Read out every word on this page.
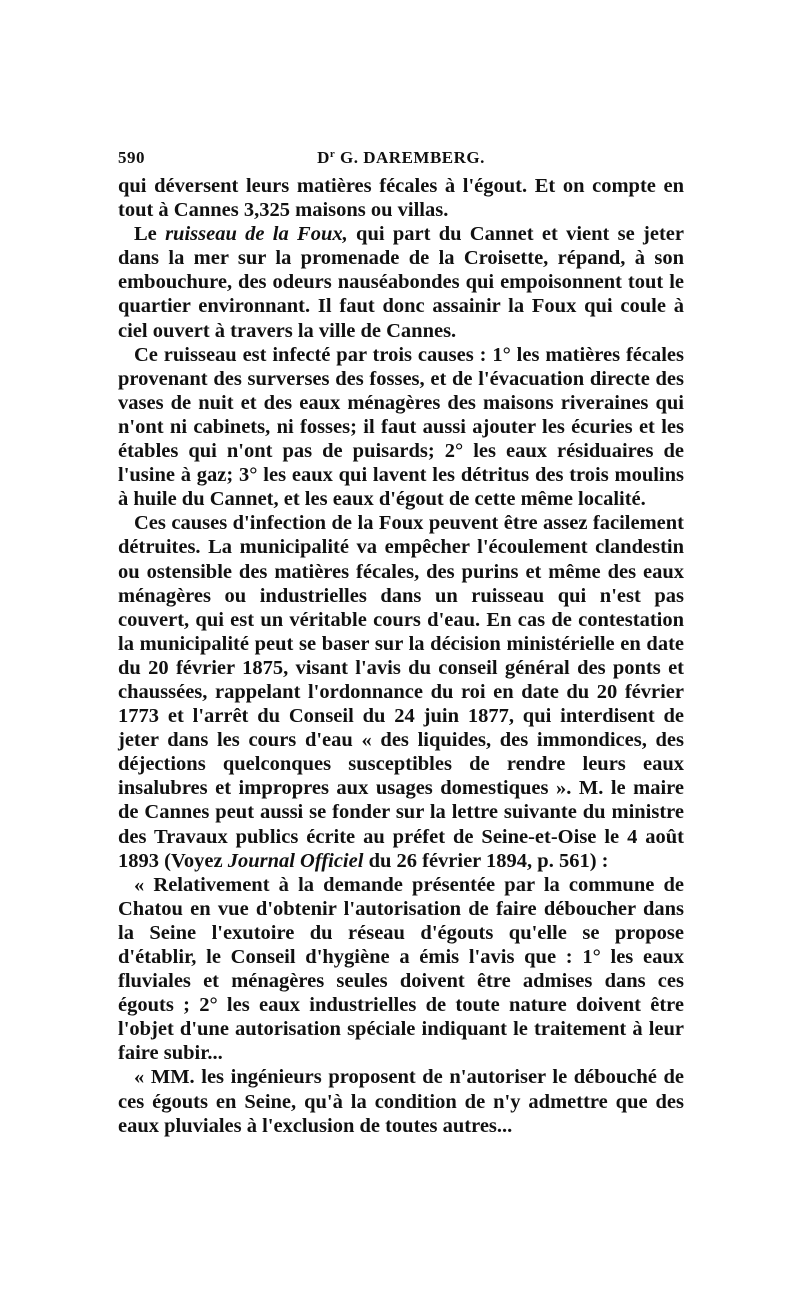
590	$D^r$ G. DAREMBERG.

qui déversent leurs matières fécales à l'égout. Et on compte en tout à Cannes 3,325 maisons ou villas.

Le ruisseau de la Foux, qui part du Cannet et vient se jeter dans la mer sur la promenade de la Croisette, répand, à son embouchure, des odeurs nauséabondes qui empoisonnent tout le quartier environnant. Il faut donc assainir la Foux qui coule à ciel ouvert à travers la ville de Cannes.

Ce ruisseau est infecté par trois causes : 1° les matières fécales provenant des surverses des fosses, et de l'évacuation directe des vases de nuit et des eaux ménagères des maisons riveraines qui n'ont ni cabinets, ni fosses; il faut aussi ajouter les écuries et les étables qui n'ont pas de puisards; 2° les eaux résiduaires de l'usine à gaz; 3° les eaux qui lavent les détritus des trois moulins à huile du Cannet, et les eaux d'égout de cette même localité.

Ces causes d'infection de la Foux peuvent être assez facilement détruites. La municipalité va empêcher l'écoulement clandestin ou ostensible des matières fécales, des purins et même des eaux ménagères ou industrielles dans un ruisseau qui n'est pas couvert, qui est un véritable cours d'eau. En cas de contestation la municipalité peut se baser sur la décision ministérielle en date du 20 février 1875, visant l'avis du conseil général des ponts et chaussées, rappelant l'ordonnance du roi en date du 20 février 1773 et l'arrêt du Conseil du 24 juin 1877, qui interdisent de jeter dans les cours d'eau « des liquides, des immondices, des déjections quelconques susceptibles de rendre leurs eaux insalubres et impropres aux usages domestiques ». M. le maire de Cannes peut aussi se fonder sur la lettre suivante du ministre des Travaux publics écrite au préfet de Seine-et-Oise le 4 août 1893 (Voyez Journal Officiel du 26 février 1894, p. 561) :

« Relativement à la demande présentée par la commune de Chatou en vue d'obtenir l'autorisation de faire déboucher dans la Seine l'exutoire du réseau d'égouts qu'elle se propose d'établir, le Conseil d'hygiène a émis l'avis que : 1° les eaux fluviales et ménagères seules doivent être admises dans ces égouts ; 2° les eaux industrielles de toute nature doivent être l'objet d'une autorisation spéciale indiquant le traitement à leur faire subir...

« MM. les ingénieurs proposent de n'autoriser le débouché de ces égouts en Seine, qu'à la condition de n'y admettre que des eaux pluviales à l'exclusion de toutes autres...
